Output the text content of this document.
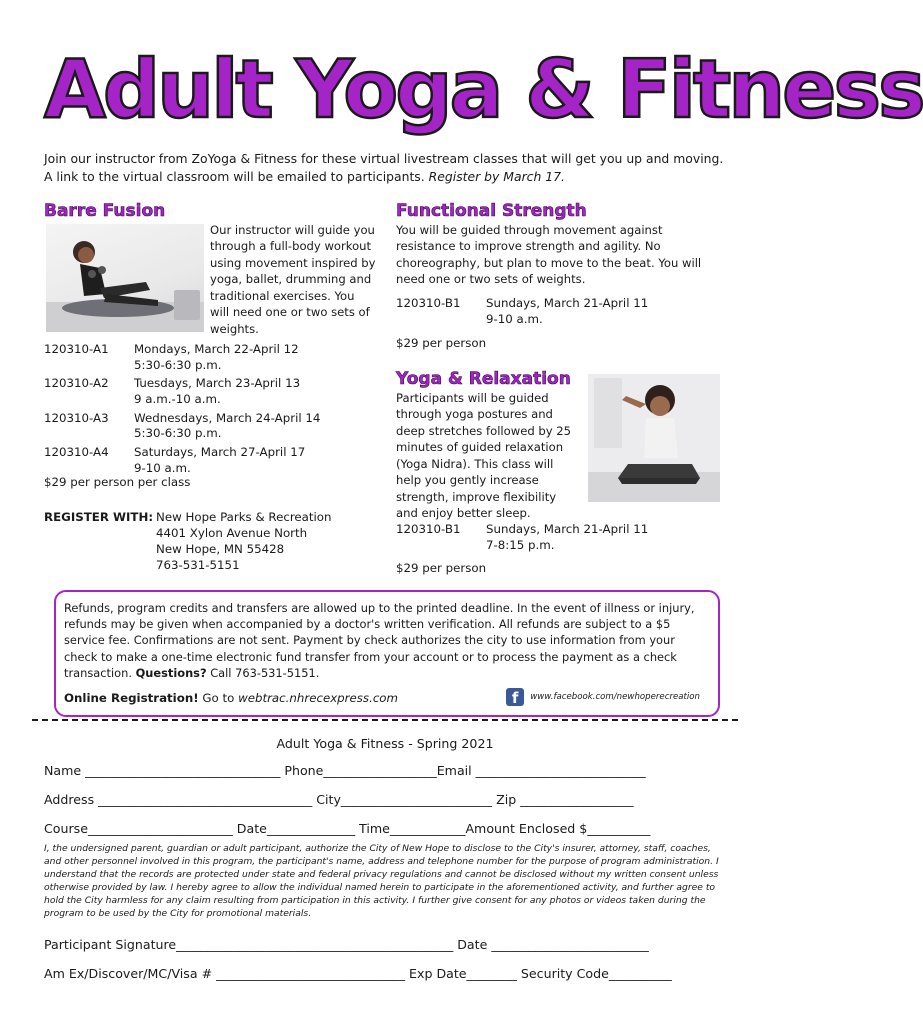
Adult Yoga & Fitness
Join our instructor from ZoYoga & Fitness for these virtual livestream classes that will get you up and moving. A link to the virtual classroom will be emailed to participants. Register by March 17.
Barre Fusion
Our instructor will guide you through a full-body workout using movement inspired by yoga, ballet, drumming and traditional exercises. You will need one or two sets of weights.
120310-A1	Mondays, March 22-April 12
5:30-6:30 p.m.
120310-A2	Tuesdays, March 23-April 13
9 a.m.-10 a.m.
120310-A3	Wednesdays, March 24-April 14
5:30-6:30 p.m.
120310-A4	Saturdays, March 27-April 17
9-10 a.m.
$29 per person per class
REGISTER WITH: New Hope Parks & Recreation
4401 Xylon Avenue North
New Hope, MN 55428
763-531-5151
Functional Strength
You will be guided through movement against resistance to improve strength and agility. No choreography, but plan to move to the beat. You will need one or two sets of weights.
120310-B1	Sundays, March 21-April 11
9-10 a.m.
$29 per person
Yoga & Relaxation
Participants will be guided through yoga postures and deep stretches followed by 25 minutes of guided relaxation (Yoga Nidra). This class will help you gently increase strength, improve flexibility and enjoy better sleep.
120310-B1	Sundays, March 21-April 11
7-8:15 p.m.
$29 per person
Refunds, program credits and transfers are allowed up to the printed deadline. In the event of illness or injury, refunds may be given when accompanied by a doctor's written verification. All refunds are subject to a $5 service fee. Confirmations are not sent. Payment by check authorizes the city to use information from your check to make a one-time electronic fund transfer from your account or to process the payment as a check transaction. Questions? Call 763-531-5151.
Online Registration! Go to webtrac.nhrecexpress.com	f	www.facebook.com/newhoperecreation
Adult Yoga & Fitness - Spring 2021
Name _______________________________ Phone__________________Email ___________________________
Address __________________________________ City________________________ Zip __________________
Course_______________________ Date______________ Time____________Amount Enclosed $__________
I, the undersigned parent, guardian or adult participant, authorize the City of New Hope to disclose to the City's insurer, attorney, staff, coaches, and other personnel involved in this program, the participant's name, address and telephone number for the purpose of program administration. I understand that the records are protected under state and federal privacy regulations and cannot be disclosed without my written consent unless otherwise provided by law. I hereby agree to allow the individual named herein to participate in the aforementioned activity, and further agree to hold the City harmless for any claim resulting from participation in this activity. I further give consent for any photos or videos taken during the program to be used by the City for promotional materials.
Participant Signature____________________________________________ Date _________________________
Am Ex/Discover/MC/Visa # ______________________________ Exp Date________ Security Code__________
